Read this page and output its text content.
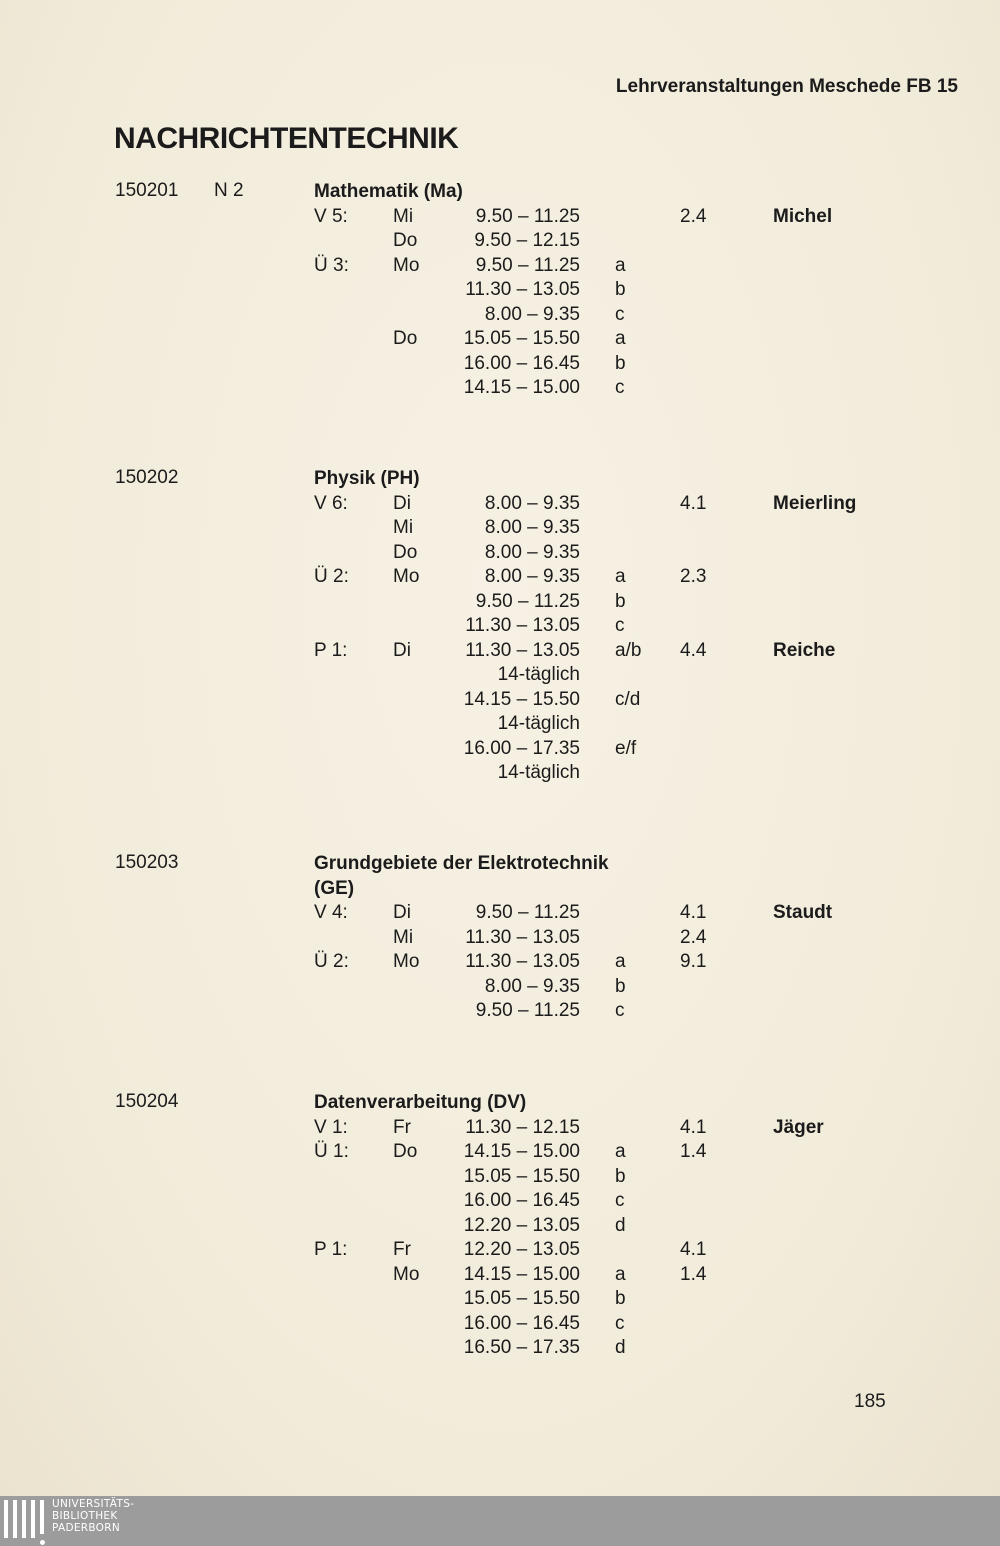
Lehrveranstaltungen Meschede FB 15
NACHRICHTENTECHNIK
150201 N 2	Mathematik (Ma)
V 5: Mi	9.50 – 11.25	2.4	Michel
Do	9.50 – 12.15
Ü 3: Mo	9.50 – 11.25 a
11.30 – 13.05 b
8.00 – 9.35 c
Do 15.05 – 15.50 a
16.00 – 16.45 b
14.15 – 15.00 c
150202	Physik (PH)
V 6: Di	8.00 – 9.35	4.1	Meierling
Mi	8.00 – 9.35
Do	8.00 – 9.35
Ü 2: Mo	8.00 – 9.35 a	2.3
9.50 – 11.25 b
11.30 – 13.05 c
P 1: Di	11.30 – 13.05 a/b 4.4	Reiche
14-täglich
14.15 – 15.50 c/d
14-täglich
16.00 – 17.35 e/f
14-täglich
150203	Grundgebiete der Elektrotechnik (GE)
V 4: Di	9.50 – 11.25	4.1	Staudt
Mi	11.30 – 13.05	2.4
Ü 2: Mo 11.30 – 13.05 a	9.1
8.00 – 9.35 b
9.50 – 11.25 c
150204	Datenverarbeitung (DV)
V 1: Fr	11.30 – 12.15	4.1	Jäger
Ü 1: Do 14.15 – 15.00 a	1.4
15.05 – 15.50 b
16.00 – 16.45 c
12.20 – 13.05 d
P 1: Fr	12.20 – 13.05	4.1
Mo 14.15 – 15.00 a	1.4
15.05 – 15.50 b
16.00 – 16.45 c
16.50 – 17.35 d
185
UNIVERSITÄTS-
BIBLIOTHEK
PADERBORN
